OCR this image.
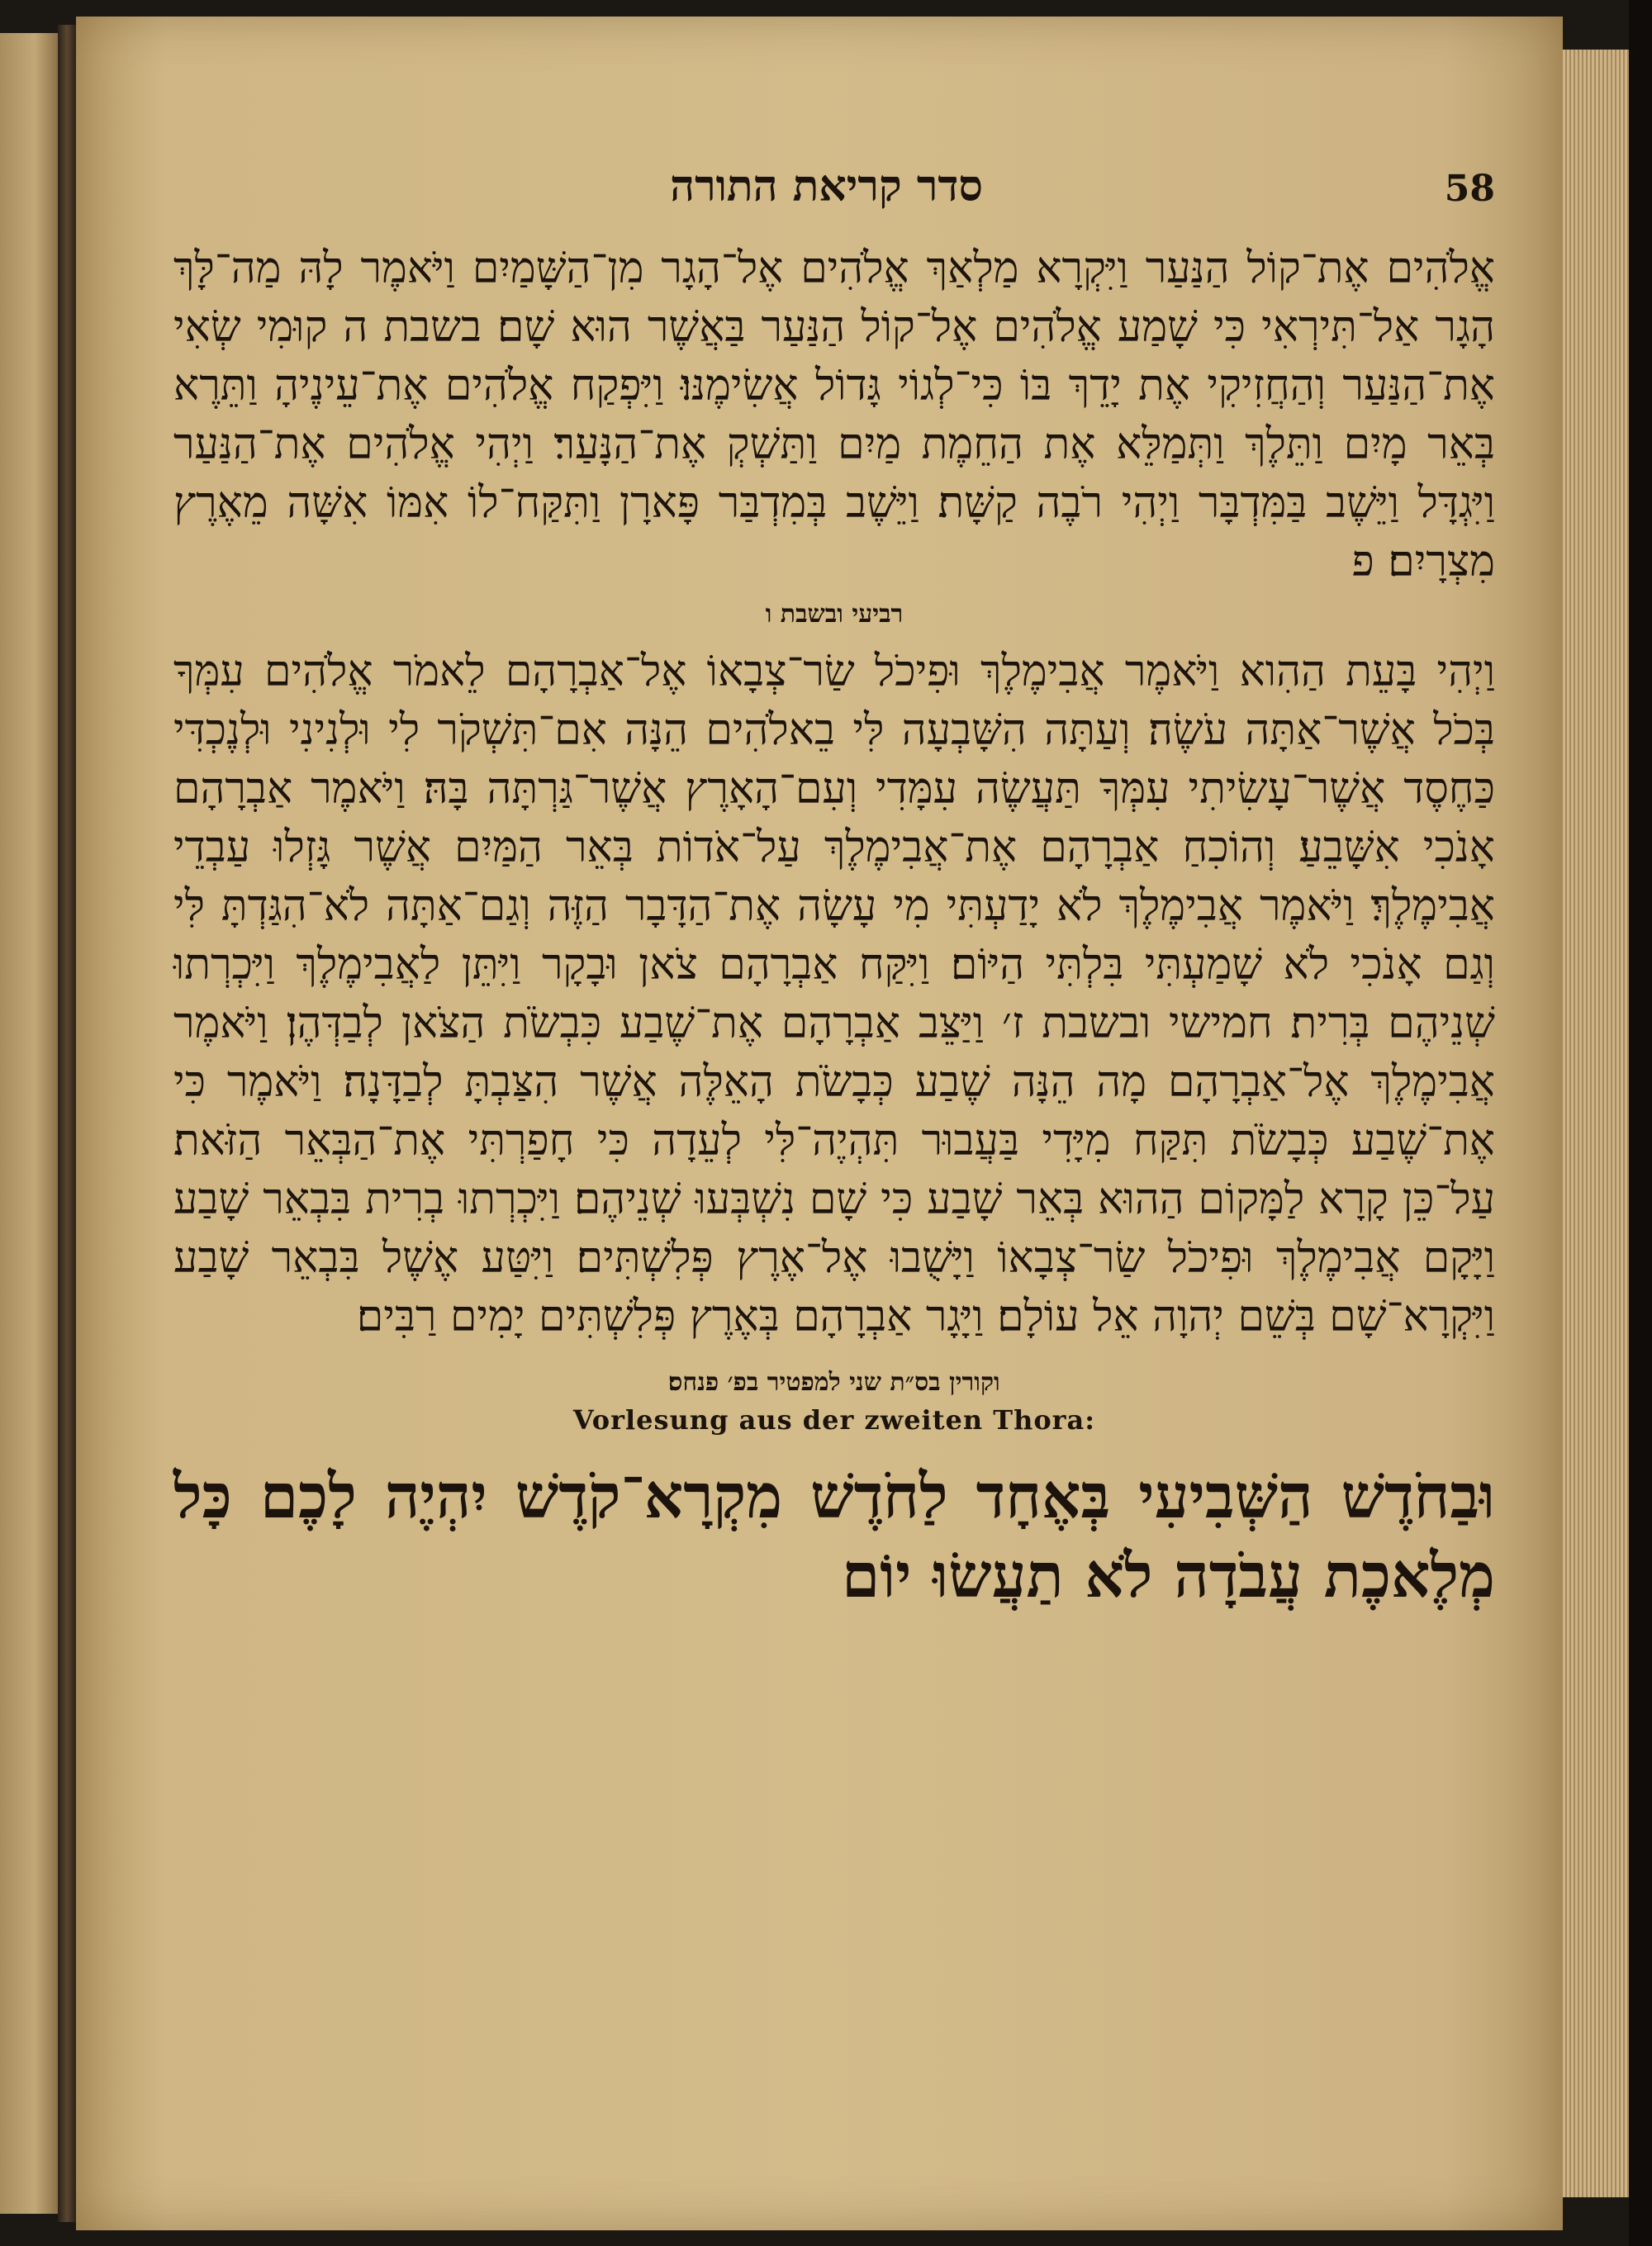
סדר קריאת התורה	58

אֱלֹהִים אֶת־קוֹל הַנַּעַר וַיִּקְרָא מַלְאַךְ אֱלֹהִים אֶל־הָגָר מִן־הַשָּׁמַיִם וַיֹּאמֶר לָהּ מַה־לָּךְ הָגָר אַל־תִּירְאִי כִּי שָׁמַע אֱלֹהִים אֶל־קוֹל הַנַּעַר בַּאֲשֶׁר הוּא שָׁם׃ בשבת ה קוּמִי שְׂאִי אֶת־הַנַּעַר וְהַחֲזִיקִי אֶת יָדֵךְ בּוֹ כִּי־לְגוֹי גָּדוֹל אֲשִׂימֶנּוּ׃ וַיִּפְקַח אֱלֹהִים אֶת־עֵינֶיהָ וַתֵּרֶא בְּאֵר מָיִם וַתֵּלֶךְ וַתְּמַלֵּא אֶת הַחֵמֶת מַיִם וַתַּשְׁקְ אֶת־הַנָּעַר׃ וַיְהִי אֱלֹהִים אֶת־הַנַּעַר וַיִּגְדָּל וַיֵּשֶׁב בַּמִּדְבָּר וַיְהִי רֹבֶה קַשָּׁת׃ וַיֵּשֶׁב בְּמִדְבַּר פָּארָן וַתִּקַּח־לוֹ אִמּוֹ אִשָּׁה מֵאֶרֶץ מִצְרָיִם׃ פ

רביעי ובשבת ו

וַיְהִי בָּעֵת הַהִוא וַיֹּאמֶר אֲבִימֶלֶךְ וּפִיכֹל שַׂר־צְבָאוֹ אֶל־אַבְרָהָם לֵאמֹר אֱלֹהִים עִמְּךָ בְּכֹל אֲשֶׁר־אַתָּה עֹשֶׂה׃ וְעַתָּה הִשָּׁבְעָה לִּי בֵאלֹהִים הֵנָּה אִם־תִּשְׁקֹר לִי וּלְנִינִי וּלְנֶכְדִּי כַּחֶסֶד אֲשֶׁר־עָשִׂיתִי עִמְּךָ תַּעֲשֶׂה עִמָּדִי וְעִם־הָאָרֶץ אֲשֶׁר־גַּרְתָּה בָּהּ׃ וַיֹּאמֶר אַבְרָהָם אָנֹכִי אִשָּׁבֵעַ׃ וְהוֹכִחַ אַבְרָהָם אֶת־אֲבִימֶלֶךְ עַל־אֹדוֹת בְּאֵר הַמַּיִם אֲשֶׁר גָּזְלוּ עַבְדֵי אֲבִימֶלֶךְ׃ וַיֹּאמֶר אֲבִימֶלֶךְ לֹא יָדַעְתִּי מִי עָשָׂה אֶת־הַדָּבָר הַזֶּה וְגַם־אַתָּה לֹא־הִגַּדְתָּ לִּי וְגַם אָנֹכִי לֹא שָׁמַעְתִּי בִּלְתִּי הַיּוֹם׃ וַיִּקַּח אַבְרָהָם צֹאן וּבָקָר וַיִּתֵּן לַאֲבִימֶלֶךְ וַיִּכְרְתוּ שְׁנֵיהֶם בְּרִית׃ חמישי ובשבת ז׳ וַיַּצֵּב אַבְרָהָם אֶת־שֶׁבַע כִּבְשֹׂת הַצֹּאן לְבַדְּהֶן׃ וַיֹּאמֶר אֲבִימֶלֶךְ אֶל־אַבְרָהָם מָה הֵנָּה שֶׁבַע כְּבָשֹׂת הָאֵלֶּה אֲשֶׁר הִצַּבְתָּ לְבַדָּנָה׃ וַיֹּאמֶר כִּי אֶת־שֶׁבַע כְּבָשֹׂת תִּקַּח מִיָּדִי בַּעֲבוּר תִּהְיֶה־לִּי לְעֵדָה כִּי חָפַרְתִּי אֶת־הַבְּאֵר הַזֹּאת׃ עַל־כֵּן קָרָא לַמָּקוֹם הַהוּא בְּאֵר שָׁבַע כִּי שָׁם נִשְׁבְּעוּ שְׁנֵיהֶם׃ וַיִּכְרְתוּ בְרִית בִּבְאֵר שָׁבַע וַיָּקָם אֲבִימֶלֶךְ וּפִיכֹל שַׂר־צְבָאוֹ וַיָּשֻׁבוּ אֶל־אֶרֶץ פְּלִשְׁתִּים׃ וַיִּטַּע אֶשֶׁל בִּבְאֵר שָׁבַע וַיִּקְרָא־שָׁם בְּשֵׁם יְהוָה אֵל עוֹלָם׃ וַיָּגָר אַבְרָהָם בְּאֶרֶץ פְּלִשְׁתִּים יָמִים רַבִּים׃

וקורין בס״ת שני למפטיר בפ׳ פנחס׃
Vorlesung aus der zweiten Thora:

וּבַחֹדֶשׁ הַשְּׁבִיעִי בְּאֶחָד לַחֹדֶשׁ מִקְרָא־קֹדֶשׁ יִהְיֶה לָכֶם כָּל מְלֶאכֶת עֲבֹדָה לֹא תַעֲשׂוּ יוֹם
